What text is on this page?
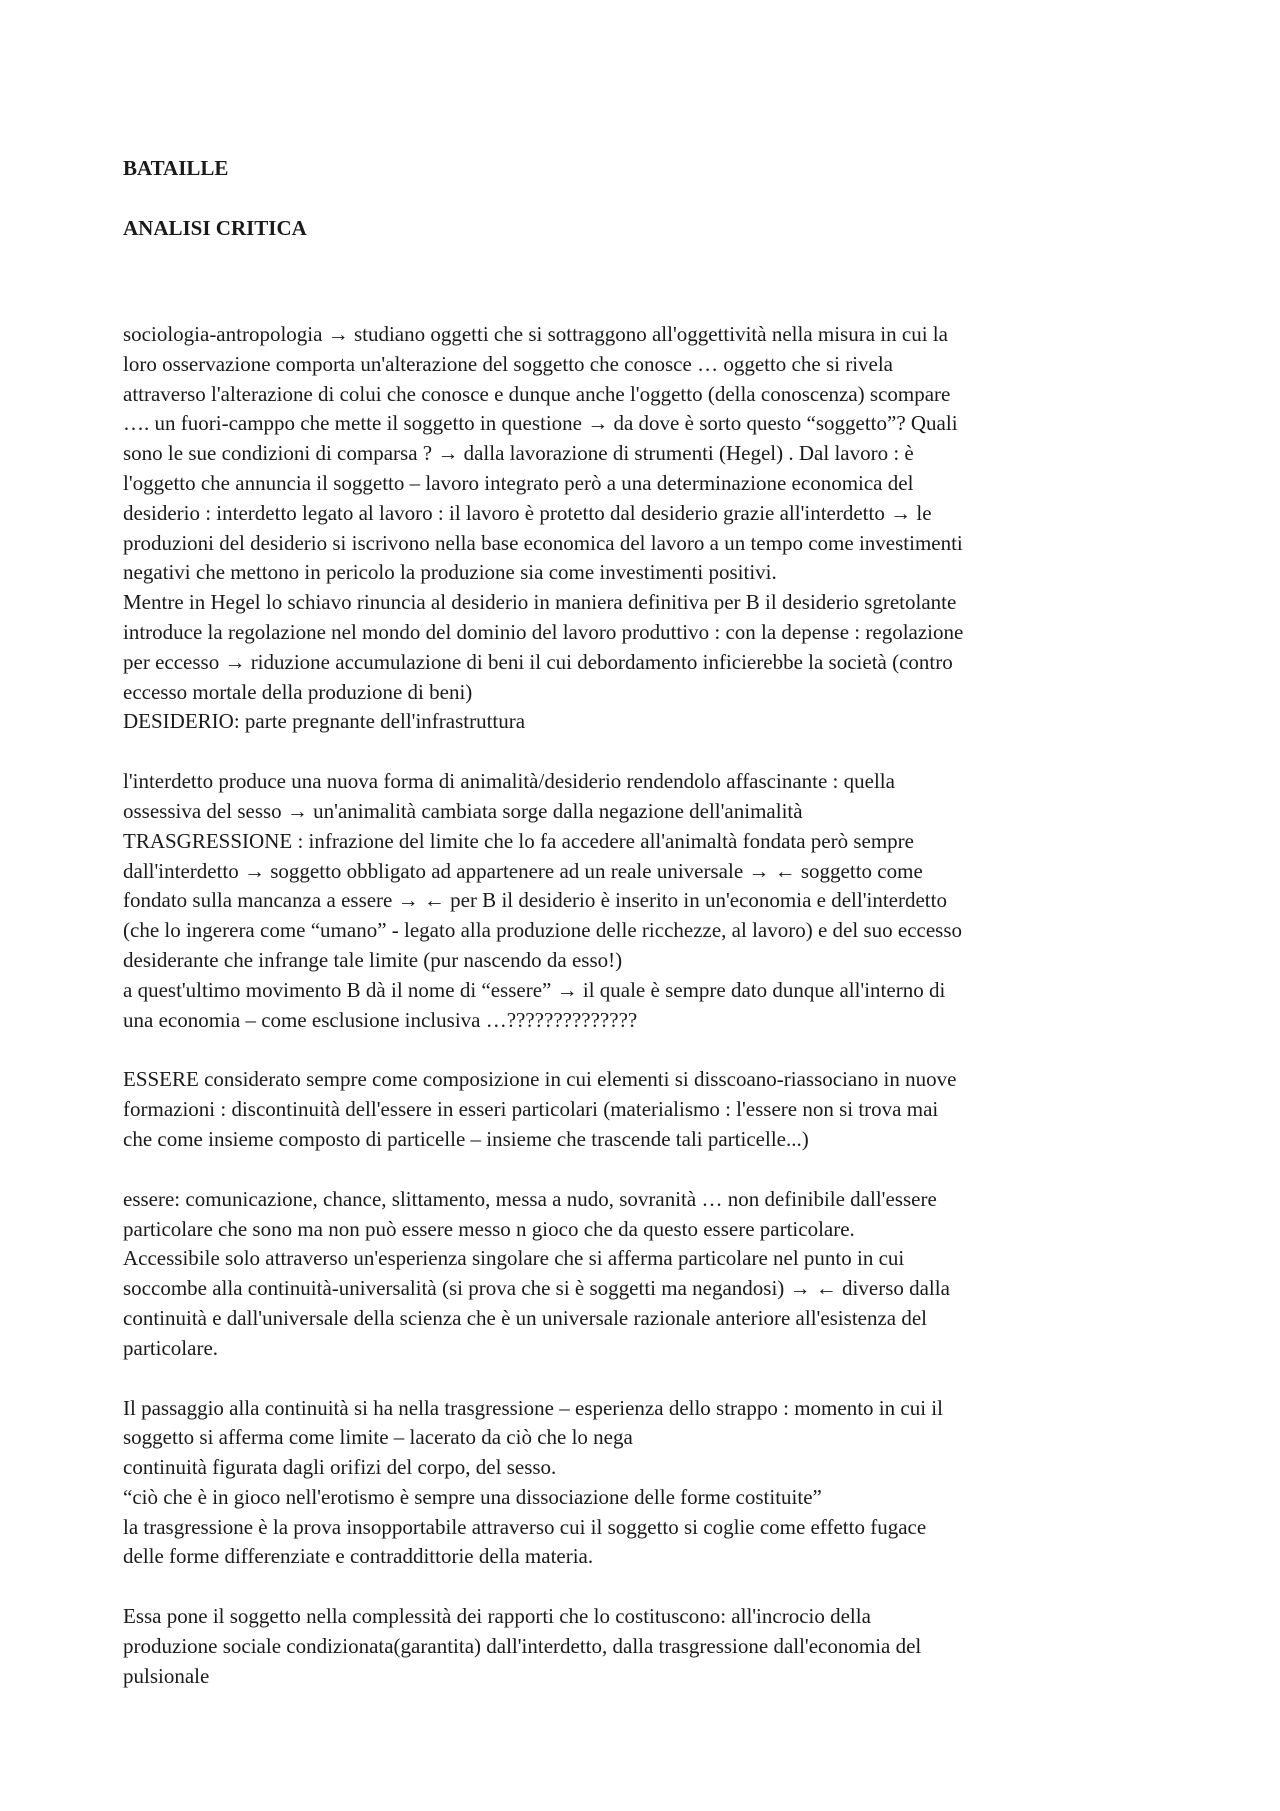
BATAILLE
ANALISI CRITICA
sociologia-antropologia → studiano oggetti che si sottraggono all'oggettività nella misura in cui la
loro osservazione comporta un'alterazione del soggetto che conosce … oggetto che si rivela
attraverso l'alterazione di colui che conosce e dunque anche l'oggetto (della conoscenza) scompare
…. un fuori-camppo che mette il soggetto in questione → da dove è sorto questo “soggetto”? Quali
sono le sue condizioni di comparsa ? → dalla lavorazione di strumenti (Hegel) . Dal lavoro : è
l'oggetto che annuncia il soggetto – lavoro integrato però a una determinazione economica del
desiderio : interdetto legato al lavoro : il lavoro è protetto dal desiderio grazie all'interdetto → le
produzioni del desiderio si iscrivono nella base economica del lavoro a un tempo come investimenti
negativi che mettono in pericolo la produzione sia come investimenti positivi.
Mentre in Hegel lo schiavo rinuncia al desiderio in maniera definitiva per B il desiderio sgretolante
introduce la regolazione nel mondo del dominio del lavoro produttivo : con la depense : regolazione
per eccesso → riduzione accumulazione di beni il cui debordamento inficierebbe la società (contro
eccesso mortale della produzione di beni)
DESIDERIO: parte pregnante dell'infrastruttura
l'interdetto produce una nuova forma di animalità/desiderio rendendolo affascinante : quella
ossessiva del sesso → un'animalità cambiata sorge dalla negazione dell'animalità
TRASGRESSIONE : infrazione del limite che lo fa accedere all'animaltà fondata però sempre
dall'interdetto → soggetto obbligato ad appartenere ad un reale universale → ← soggetto come
fondato sulla mancanza a essere → ← per B il desiderio è inserito in un'economia e dell'interdetto
(che lo ingerera come “umano” - legato alla produzione delle ricchezze, al lavoro) e del suo eccesso
desiderante che infrange tale limite (pur nascendo da esso!)
a quest'ultimo movimento B dà il nome di “essere” → il quale è sempre dato dunque all'interno di
una economia – come esclusione inclusiva …??????????????
ESSERE considerato sempre come composizione in cui elementi si disscoano-riassociano in nuove
formazioni : discontinuità dell'essere in esseri particolari (materialismo : l'essere non si trova mai
che come insieme composto di particelle – insieme che trascende tali particelle...)
essere: comunicazione, chance, slittamento, messa a nudo, sovranità … non definibile dall'essere
particolare che sono ma non può essere messo n gioco che da questo essere particolare.
Accessibile solo attraverso un'esperienza singolare che si afferma particolare nel punto in cui
soccombe alla continuità-universalità (si prova che si è soggetti ma negandosi) → ← diverso dalla
continuità e dall'universale della scienza che è un universale razionale anteriore all'esistenza del
particolare.
Il passaggio alla continuità si ha nella trasgressione – esperienza dello strappo : momento in cui il
soggetto si afferma come limite – lacerato da ciò che lo nega
continuità figurata dagli orifizi del corpo, del sesso.
“ciò che è in gioco nell'erotismo è sempre una dissociazione delle forme costituite”
la trasgressione è la prova insopportabile attraverso cui il soggetto si coglie come effetto fugace
delle forme differenziate e contraddittorie della materia.
Essa pone il soggetto nella complessità dei rapporti che lo costituscono: all'incrocio della
produzione sociale condizionata(garantita) dall'interdetto, dalla trasgressione dall'economia del
pulsionale
